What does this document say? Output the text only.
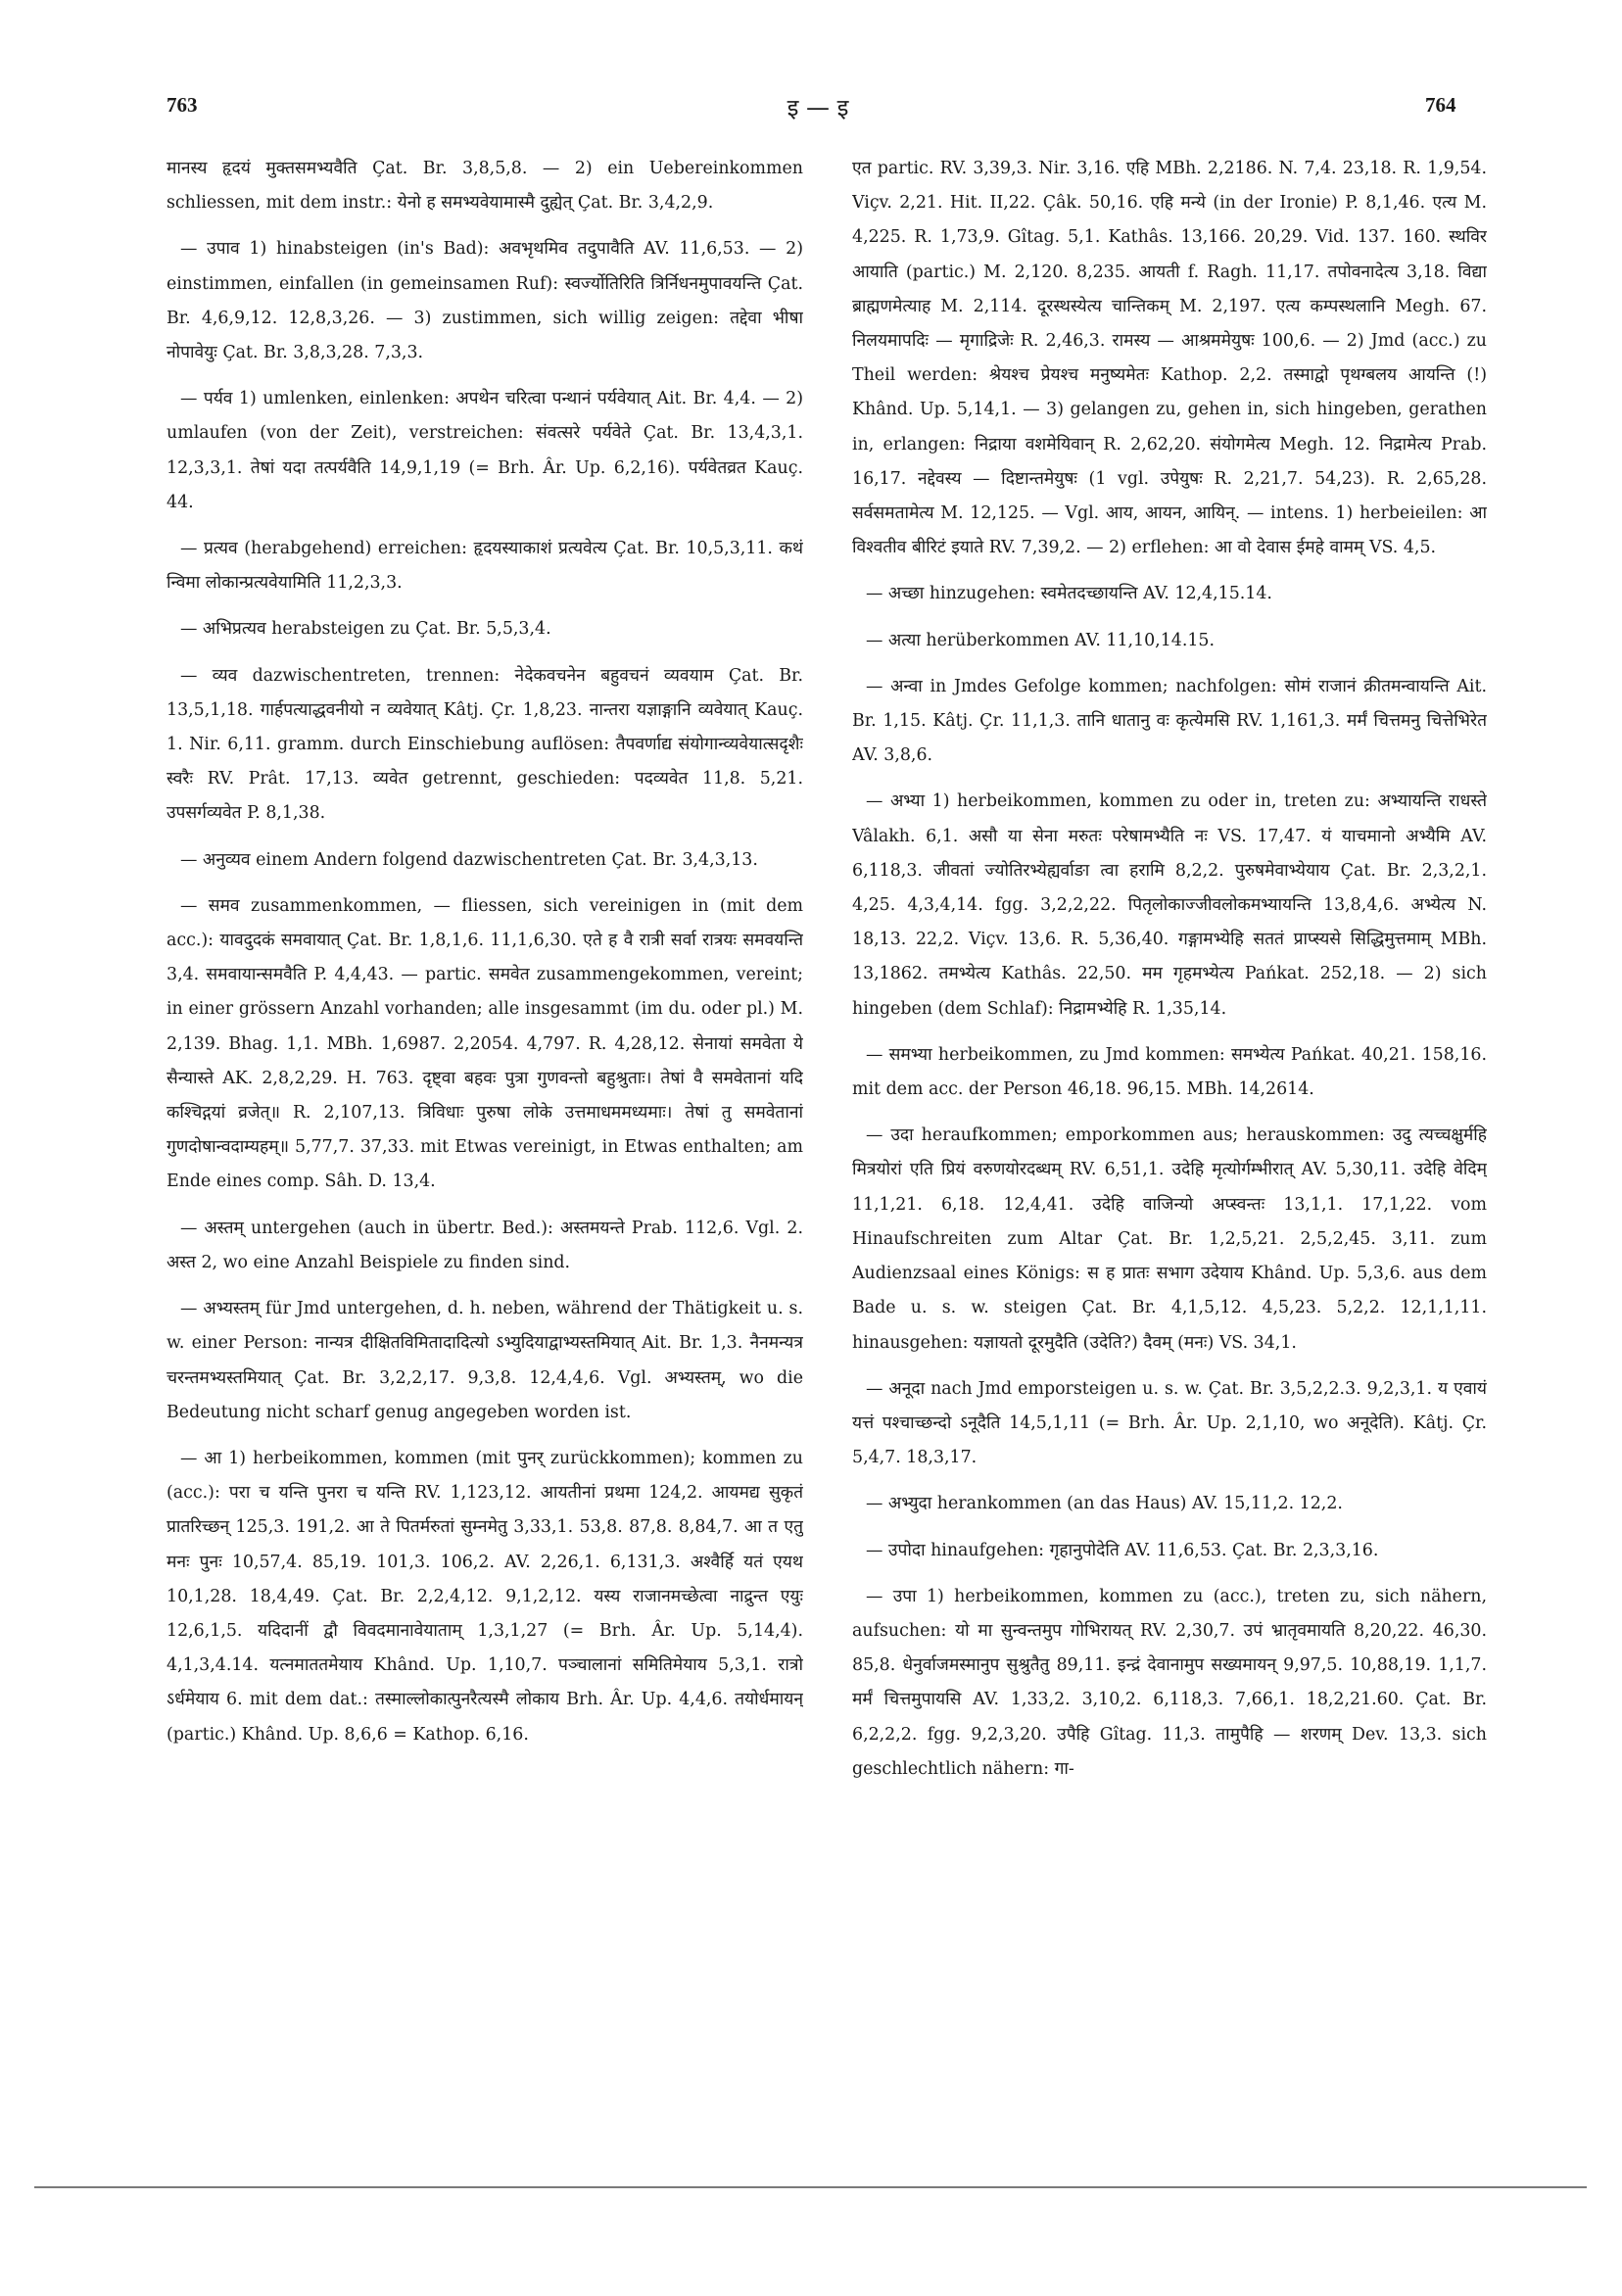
763	इ — इ	764

मानस्य हृदयं मुक्तसमभ्यवैति Çat. Br. 3,8,5,8. — 2) ein Uebereinkommen schliessen, mit dem instr.: येनो ह समभ्यवेयामास्मै दुह्येत् Çat. Br. 3,4,2,9.

— उपाव 1) hinabsteigen (in's Bad): अवभृथमिव तदुपावैति AV. 11,6,53. — 2) einstimmen, einfallen (in gemeinsamen Ruf): स्वर्ज्योतिरिति त्रिर्निधनमुपावयन्ति Çat. Br. 4,6,9,12. 12,8,3,26. — 3) zustimmen, sich willig zeigen: तद्देवा भीषा नोपावेयुः Çat. Br. 3,8,3,28. 7,3,3.

— पर्यव 1) umlenken, einlenken: अपथेन चरित्वा पन्थानं पर्यवेयात् Ait. Br. 4,4. — 2) umlaufen (von der Zeit), verstreichen: संवत्सरे पर्यवेते Çat. Br. 13,4,3,1. 12,3,3,1. तेषां यदा तत्पर्यवैति 14,9,1,19 (= Brh. Âr. Up. 6,2,16). पर्यवेतव्रत Kauç. 44.

— प्रत्यव (herabgehend) erreichen: हृदयस्याकाशं प्रत्यवेत्य Çat. Br. 10,5,3,11. कथं न्विमा लोकान्प्रत्यवेयामिति 11,2,3,3.

— अभिप्रत्यव herabsteigen zu Çat. Br. 5,5,3,4.

— व्यव dazwischentreten, trennen: नेदेकवचनेन बहुवचनं व्यवयाम Çat. Br. 13,5,1,18. गार्हपत्याद्धवनीयो न व्यवेयात् Kâtj. Çr. 1,8,23. नान्तरा यज्ञाङ्गानि व्यवेयात् Kauç. 1. Nir. 6,11. gramm. durch Einschiebung auflösen: तैपवर्णाद्य संयोगान्व्यवेयात्सदृशैः स्वरैः RV. Prât. 17,13. व्यवेत getrennt, geschieden: पदव्यवेत 11,8. 5,21. उपसर्गव्यवेत P. 8,1,38.

— अनुव्यव einem Andern folgend dazwischentreten Çat. Br. 3,4,3,13.

— समव zusammenkommen, — fliessen, sich vereinigen in (mit dem acc.): यावदुदकं समवायात् Çat. Br. 1,8,1,6. 11,1,6,30. एते ह वै रात्री सर्वा रात्रयः समवयन्ति 3,4. समवायान्समवैति P. 4,4,43. — partic. समवेत zusammengekommen, vereint; in einer grössern Anzahl vorhanden; alle insgesammt (im du. oder pl.) M. 2,139. Bhag. 1,1. MBh. 1,6987. 2,2054. 4,797. R. 4,28,12. सेनायां समवेता ये सैन्यास्ते AK. 2,8,2,29. H. 763. दृष्ट्वा बहवः पुत्रा गुणवन्तो बहुश्रुताः। तेषां वै समवेतानां यदि कश्चिद्गयां व्रजेत्॥ R. 2,107,13. त्रिविधाः पुरुषा लोके उत्तमाधममध्यमाः। तेषां तु समवेतानां गुणदोषान्वदाम्यहम्॥ 5,77,7. 37,33. mit Etwas vereinigt, in Etwas enthalten; am Ende eines comp. Sâh. D. 13,4.

— अस्तम् untergehen (auch in übertr. Bed.): अस्तमयन्ते Prab. 112,6. Vgl. 2. अस्त 2, wo eine Anzahl Beispiele zu finden sind.

— अभ्यस्तम् für Jmd untergehen, d. h. neben, während der Thätigkeit u. s. w. einer Person: नान्यत्र दीक्षितविमितादादित्यो ऽभ्युदियाद्वाभ्यस्तमियात् Ait. Br. 1,3. नैनमन्यत्र चरन्तमभ्यस्तमियात् Çat. Br. 3,2,2,17. 9,3,8. 12,4,4,6. Vgl. अभ्यस्तम्, wo die Bedeutung nicht scharf genug angegeben worden ist.

— आ 1) herbeikommen, kommen (mit पुनर् zurückkommen); kommen zu (acc.): परा च यन्ति पुनरा च यन्ति RV. 1,123,12. आयतीनां प्रथमा 124,2. आयमद्य सुकृतं प्रातरिच्छन् 125,3. 191,2. आ ते पितर्मरुतां सुम्नमेतु 3,33,1. 53,8. 87,8. 8,84,7. आ त एतु मनः पुनः 10,57,4. 85,19. 101,3. 106,2. AV. 2,26,1. 6,131,3. अश्वैर्हि यतं एयथ 10,1,28. 18,4,49. Çat. Br. 2,2,4,12. 9,1,2,12. यस्य राजानमच्छेत्वा नाद्रुन्त एयुः 12,6,1,5. यदिदानीं द्वौ विवदमानावेयाताम् 1,3,1,27 (= Brh. Âr. Up. 5,14,4). 4,1,3,4.14. यत्नमाततमेयाय Khând. Up. 1,10,7. पञ्चालानां समितिमेयाय 5,3,1. रात्रो ऽर्धमेयाय 6. mit dem dat.: तस्माल्लोकात्पुनरैत्यस्मै लोकाय Brh. Âr. Up. 4,4,6. तयोर्धमायन् (partic.) Khând. Up. 8,6,6 = Kathop. 6,16.

एत partic. RV. 3,39,3. Nir. 3,16. एहि MBh. 2,2186. N. 7,4. 23,18. R. 1,9,54. Viçv. 2,21. Hit. II,22. Çâk. 50,16. एहि मन्ये (in der Ironie) P. 8,1,46. एत्य M. 4,225. R. 1,73,9. Gîtag. 5,1. Kathâs. 13,166. 20,29. Vid. 137. 160. स्थविर आयाति (partic.) M. 2,120. 8,235. आयती f. Ragh. 11,17. तपोवनादेत्य 3,18. विद्या ब्राह्मणमेत्याह M. 2,114. दूरस्थस्येत्य चान्तिकम् M. 2,197. एत्य कम्पस्थलानि Megh. 67. निलयमापदिः — मृगाद्रिजेः R. 2,46,3. रामस्य — आश्रममेयुषः 100,6. — 2) Jmd (acc.) zu Theil werden: श्रेयश्च प्रेयश्च मनुष्यमेतः Kathop. 2,2. तस्माद्वो पृथग्बलय आयन्ति (!) Khând. Up. 5,14,1. — 3) gelangen zu, gehen in, sich hingeben, gerathen in, erlangen: निद्राया वशमेयिवान् R. 2,62,20. संयोगमेत्य Megh. 12. निद्रामेत्य Prab. 16,17. नद्देवस्य — दिष्टान्तमेयुषः (1 vgl. उपेयुषः R. 2,21,7. 54,23). R. 2,65,28. सर्वसमतामेत्य M. 12,125. — Vgl. आय, आयन, आयिन्. — intens. 1) herbeieilen: आ विश्वतीव बीरिटं इयाते RV. 7,39,2. — 2) erflehen: आ वो देवास ईमहे वामम् VS. 4,5.

— अच्छा hinzugehen: स्वमेतदच्छायन्ति AV. 12,4,15.14.

— अत्या herüberkommen AV. 11,10,14.15.

— अन्वा in Jmdes Gefolge kommen; nachfolgen: सोमं राजानं क्रीतमन्वायन्ति Ait. Br. 1,15. Kâtj. Çr. 11,1,3. तानि धातानु वः कृत्येमसि RV. 1,161,3. मर्मं चित्तमनु चित्तेभिरेत AV. 3,8,6.

— अभ्या 1) herbeikommen, kommen zu oder in, treten zu: अभ्यायन्ति राधस्ते Vâlakh. 6,1. असौ या सेना मरुतः परेषामभ्यैति नः VS. 17,47. यं याचमानो अभ्यैमि AV. 6,118,3. जीवतां ज्योतिरभ्येह्यर्वाङा त्वा हरामि 8,2,2. पुरुषमेवाभ्येयाय Çat. Br. 2,3,2,1. 4,25. 4,3,4,14. fgg. 3,2,2,22. पितृलोकाज्जीवलोकमभ्यायन्ति 13,8,4,6. अभ्येत्य N. 18,13. 22,2. Viçv. 13,6. R. 5,36,40. गङ्गामभ्येहि सततं प्राप्स्यसे सिद्धिमुत्तमाम् MBh. 13,1862. तमभ्येत्य Kathâs. 22,50. मम गृहमभ्येत्य Pańkat. 252,18. — 2) sich hingeben (dem Schlaf): निद्रामभ्येहि R. 1,35,14.

— समभ्या herbeikommen, zu Jmd kommen: समभ्येत्य Pańkat. 40,21. 158,16. mit dem acc. der Person 46,18. 96,15. MBh. 14,2614.

— उदा heraufkommen; emporkommen aus; herauskommen: उदु त्यच्चक्षुर्महि मित्रयोरां एति प्रियं वरुणयोरदब्धम् RV. 6,51,1. उदेहि मृत्योर्गम्भीरात् AV. 5,30,11. उदेहि वेदिम् 11,1,21. 6,18. 12,4,41. उदेहि वाजिन्यो अप्स्वन्तः 13,1,1. 17,1,22. vom Hinaufschreiten zum Altar Çat. Br. 1,2,5,21. 2,5,2,45. 3,11. zum Audienzsaal eines Königs: स ह प्रातः सभाग उदेयाय Khând. Up. 5,3,6. aus dem Bade u. s. w. steigen Çat. Br. 4,1,5,12. 4,5,23. 5,2,2. 12,1,1,11. hinausgehen: यज्ञायतो दूरमुदैति (उदेति?) दैवम् (मनः) VS. 34,1.

— अनूदा nach Jmd emporsteigen u. s. w. Çat. Br. 3,5,2,2.3. 9,2,3,1. य एवायं यत्तं पश्चाच्छन्दो ऽनूदैति 14,5,1,11 (= Brh. Âr. Up. 2,1,10, wo अनूदेति). Kâtj. Çr. 5,4,7. 18,3,17.

— अभ्युदा herankommen (an das Haus) AV. 15,11,2. 12,2.

— उपोदा hinaufgehen: गृहानुपोदेति AV. 11,6,53. Çat. Br. 2,3,3,16.

— उपा 1) herbeikommen, kommen zu (acc.), treten zu, sich nähern, aufsuchen: यो मा सुन्वन्तमुप गोभिरायत् RV. 2,30,7. उपं भ्रातृवमायति 8,20,22. 46,30. 85,8. धेनुर्वाजमस्मानुप सुश्रुतैतु 89,11. इन्द्रं देवानामुप सख्यमायन् 9,97,5. 10,88,19. 1,1,7. मर्मं चित्तमुपायसि AV. 1,33,2. 3,10,2. 6,118,3. 7,66,1. 18,2,21.60. Çat. Br. 6,2,2,2. fgg. 9,2,3,20. उपैहि Gîtag. 11,3. तामुपैहि — शरणम् Dev. 13,3. sich geschlechtlich nähern: गा-
